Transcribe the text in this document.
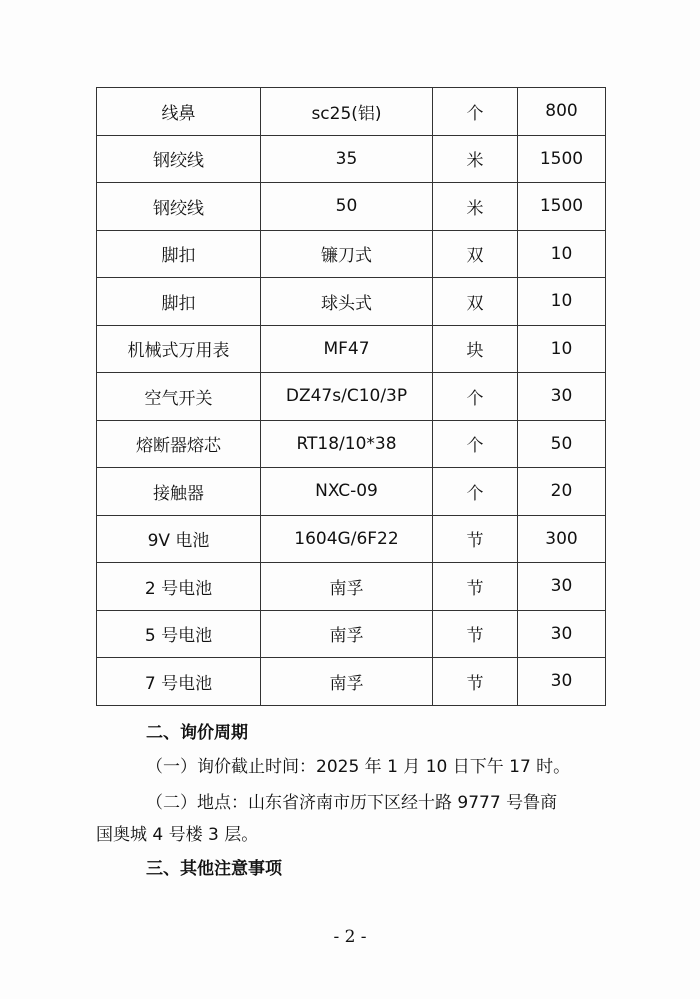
线鼻	sc25(铝)	个	800
钢绞线	35	米	1500
钢绞线	50	米	1500
脚扣	镰刀式	双	10
脚扣	球头式	双	10
机械式万用表	MF47	块	10
空气开关	DZ47s/C10/3P	个	30
熔断器熔芯	RT18/10*38	个	50
接触器	NXC-09	个	20
9V 电池	1604G/6F22	节	300
2 号电池	南孚	节	30
5 号电池	南孚	节	30
7 号电池	南孚	节	30
二、询价周期
（一）询价截止时间：2025 年 1 月 10 日下午 17 时。
（二）地点：山东省济南市历下区经十路 9777 号鲁商
国奥城 4 号楼 3 层。
三、其他注意事项
- 2 -
